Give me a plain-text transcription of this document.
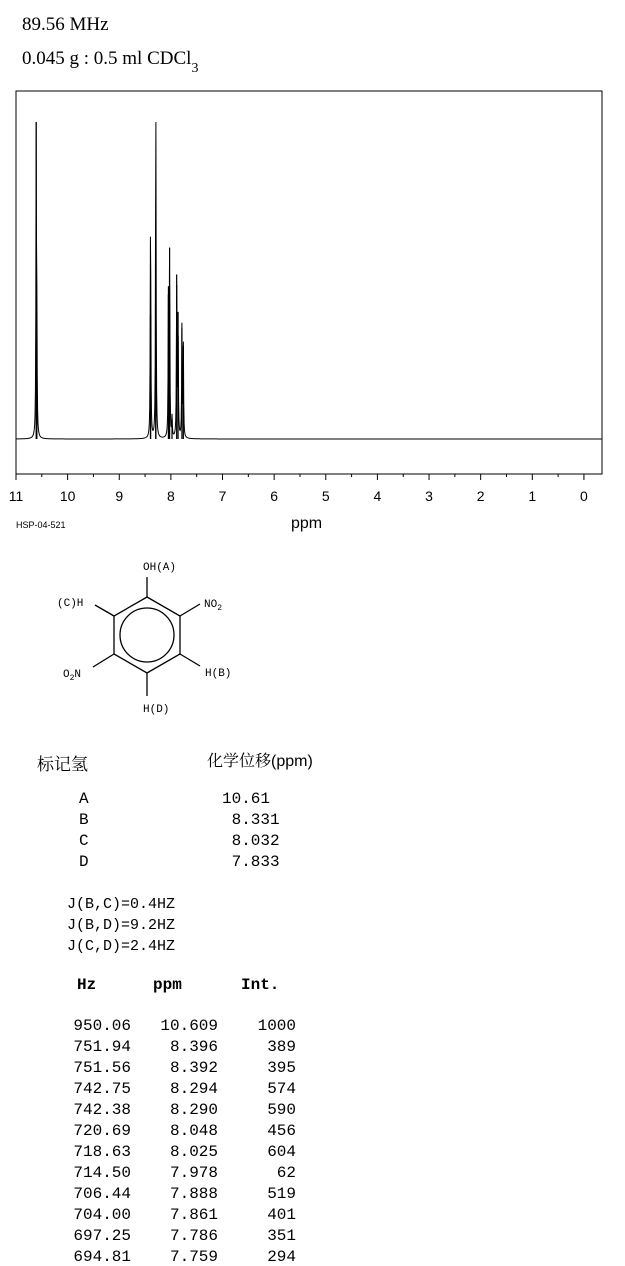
89.56 MHz
0.045 g : 0.5 ml CDCl$_3$
11	10	9	8	7	6	5	4	3	2	1	0
HSP-04-521	ppm
OH(A)
$NO_2$
(C)H
H(B)
$O_2N$
H(D)
标记氢	化学位移(ppm)
A	10.61
B	8.331
C	8.032
D	7.833
J(B,C)=0.4HZ
J(B,D)=9.2HZ
J(C,D)=2.4HZ
Hz	ppm	Int.
950.06	10.609	1000
751.94	8.396	389
751.56	8.392	395
742.75	8.294	574
742.38	8.290	590
720.69	8.048	456
718.63	8.025	604
714.50	7.978	62
706.44	7.888	519
704.00	7.861	401
697.25	7.786	351
694.81	7.759	294
